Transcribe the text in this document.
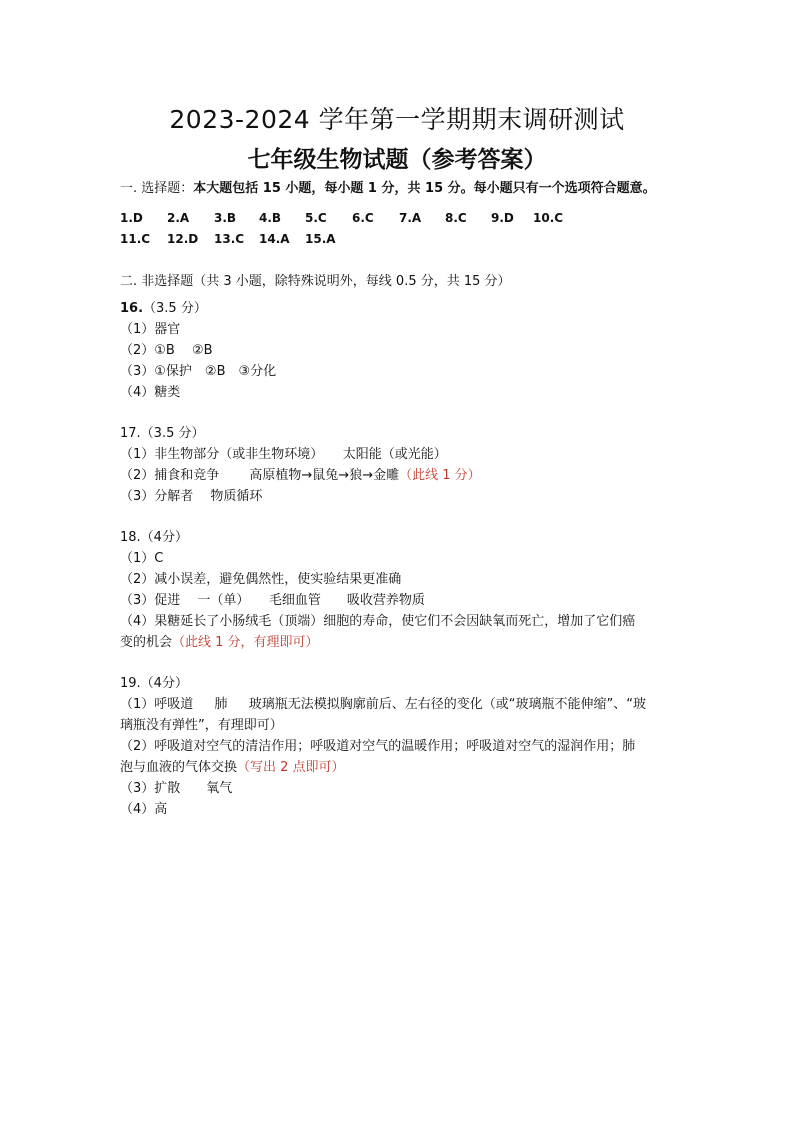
2023-2024 学年第一学期期末调研测试
七年级生物试题（参考答案）
一. 选择题：本大题包括 15 小题，每小题 1 分，共 15 分。每小题只有一个选项符合题意。
1.D 2.A 3.B 4.B 5.C 6.C 7.A 8.C 9.D 10.C
11.C 12.D 13.C 14.A 15.A
二. 非选择题（共 3 小题，除特殊说明外，每线 0.5 分，共 15 分）
16.（3.5 分）
（1）器官
（2）①B　 ②B
（3）①保护　②B　③分化
（4）糖类
17.（3.5 分）
（1）非生物部分（或非生物环境）　　太阳能（或光能）
（2）捕食和竞争　　 高原植物→鼠兔→狼→金雕（此线 1 分）
（3）分解者　 物质循环
18.（4分）
（1）C
（2）减小误差，避免偶然性，使实验结果更准确
（3）促进　 一（单）　　毛细血管　　吸收营养物质
（4）果糖延长了小肠绒毛（顶端）细胞的寿命，使它们不会因缺氧而死亡，增加了它们癌
变的机会（此线 1 分，有理即可）
19.（4分）
（1）呼吸道　  肺　  玻璃瓶无法模拟胸廓前后、左右径的变化（或“玻璃瓶不能伸缩”、“玻
璃瓶没有弹性”，有理即可）
（2）呼吸道对空气的清洁作用；呼吸道对空气的温暖作用；呼吸道对空气的湿润作用；肺
泡与血液的气体交换（写出 2 点即可）
（3）扩散　　氧气
（4）高
